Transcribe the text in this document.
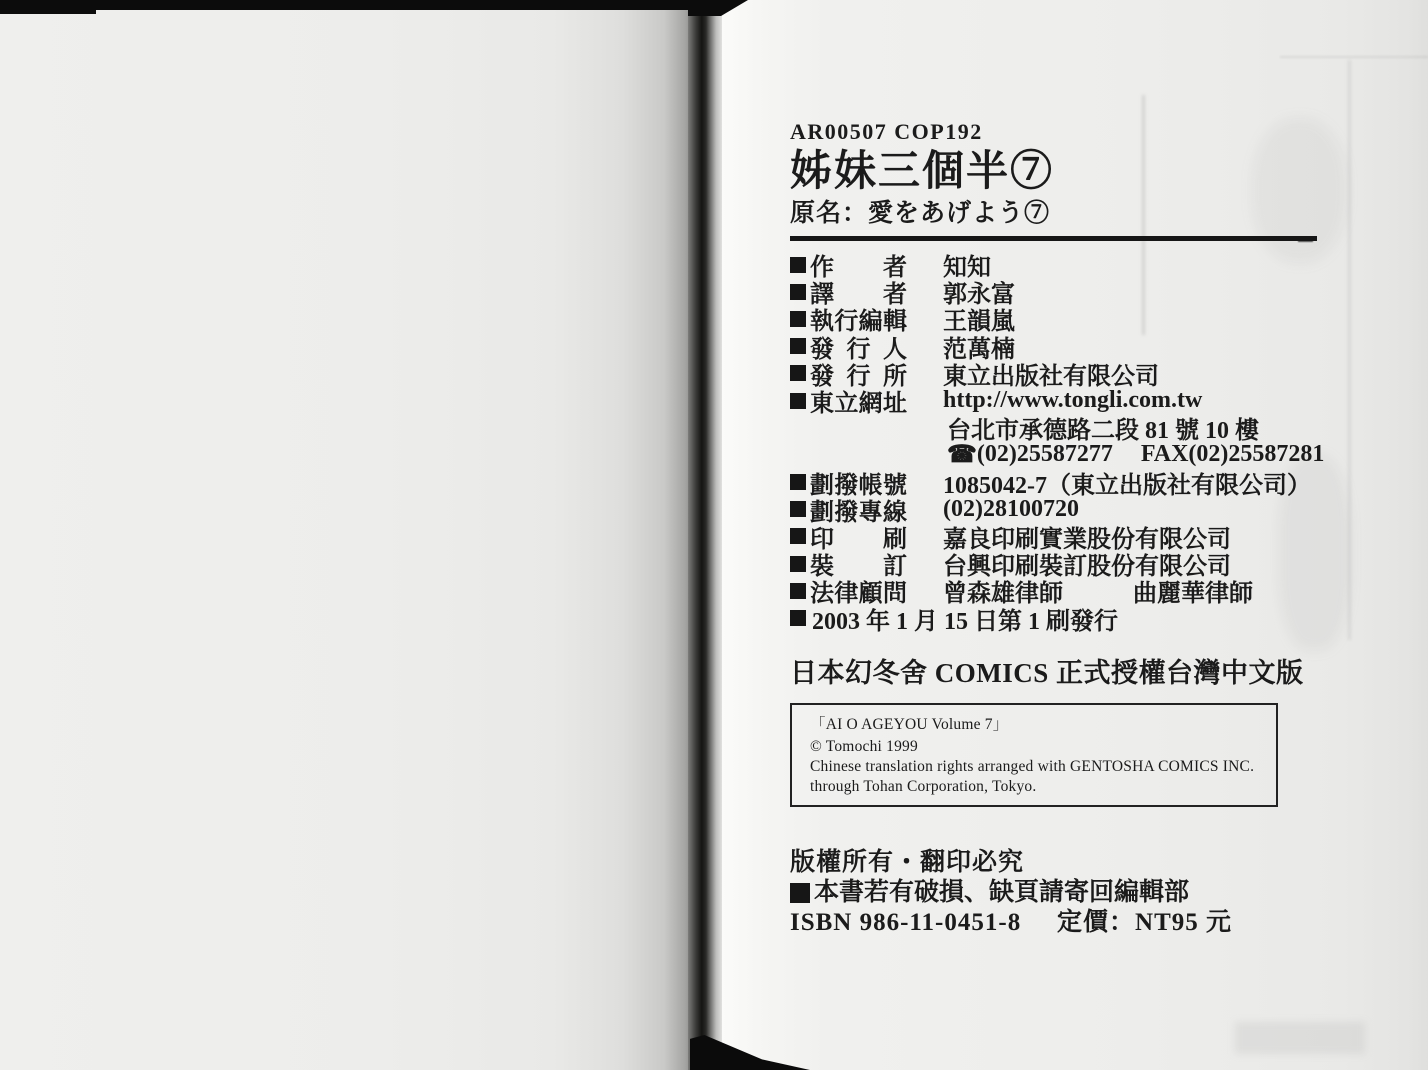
AR00507 COP192
姊妹三個半⑦
原名：愛をあげよう⑦
作者 知知
譯者 郭永富
執行編輯 王韻嵐
發行人 范萬楠
發行所 東立出版社有限公司
東立網址 http://www.tongli.com.tw
台北市承德路二段 81 號 10 樓
☎ (02)25587277 FAX(02)25587281
劃撥帳號 1085042-7（東立出版社有限公司）
劃撥專線 (02)28100720
印刷 嘉良印刷實業股份有限公司
裝訂 台興印刷裝訂股份有限公司
法律顧問 曾森雄律師	曲麗華律師
2003 年 1 月 15 日第 1 刷發行
日本幻冬舍 COMICS 正式授權台灣中文版
「AI O AGEYOU Volume 7」
© Tomochi 1999
Chinese translation rights arranged with GENTOSHA COMICS INC.
through Tohan Corporation, Tokyo.
版權所有・翻印必究
本書若有破損、缺頁請寄回編輯部
ISBN 986-11-0451-8 定價：NT95 元
